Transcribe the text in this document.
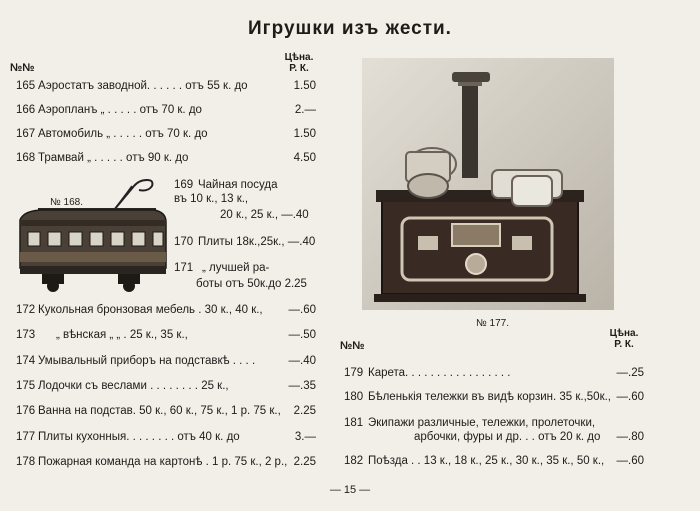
Игрушки изъ жести.
№№
Цѣна.
Р. К.
165 Аэростатъ заводной. . . . . . отъ 55 к. до	1.50
166 Аэропланъ „ . . . . . отъ 70 к. до	2.—
167 Автомобиль „ . . . . . отъ 70 к. до	1.50
168 Трамвай „ . . . . . отъ 90 к. до	4.50
№ 168.
169 Чайная посуда
въ 10 к., 13 к.,
20 к., 25 к., —.40
170 Плиты 18к.,25к., —.40
171 „ лучшей ра-
боты отъ 50к.до 2.25
172 Кукольная бронзовая мебель . 30 к., 40 к., —.60
173 „ вѣнская „ „ . 25 к., 35 к.,	—.50
174 Умывальный приборъ на подставкѣ . . . .	—.40
175 Лодочки съ веслами . . . . . . . . 25 к.,	—.35
176 Ванна на подстав. 50 к., 60 к., 75 к., 1 р. 75 к., 2.25
177 Плиты кухонныя. . . . . . . . отъ 40 к. до	3.—
178 Пожарная команда на картонѣ . 1 р. 75 к., 2 р., 2.25
№ 177.
№№
Цѣна.
Р. К.
179 Карета. . . . . . . . . . . . . . . . .	—.25
180 Бѣленькія тележки въ видѣ корзин. 35 к.,50к., —.60
181 Экипажи различные, тележки, пролеточки,
арбочки, фуры и др. . . отъ 20 к. до —.80
182 Поѣзда . . 13 к., 18 к., 25 к., 30 к., 35 к., 50 к., —.60
— 15 —
